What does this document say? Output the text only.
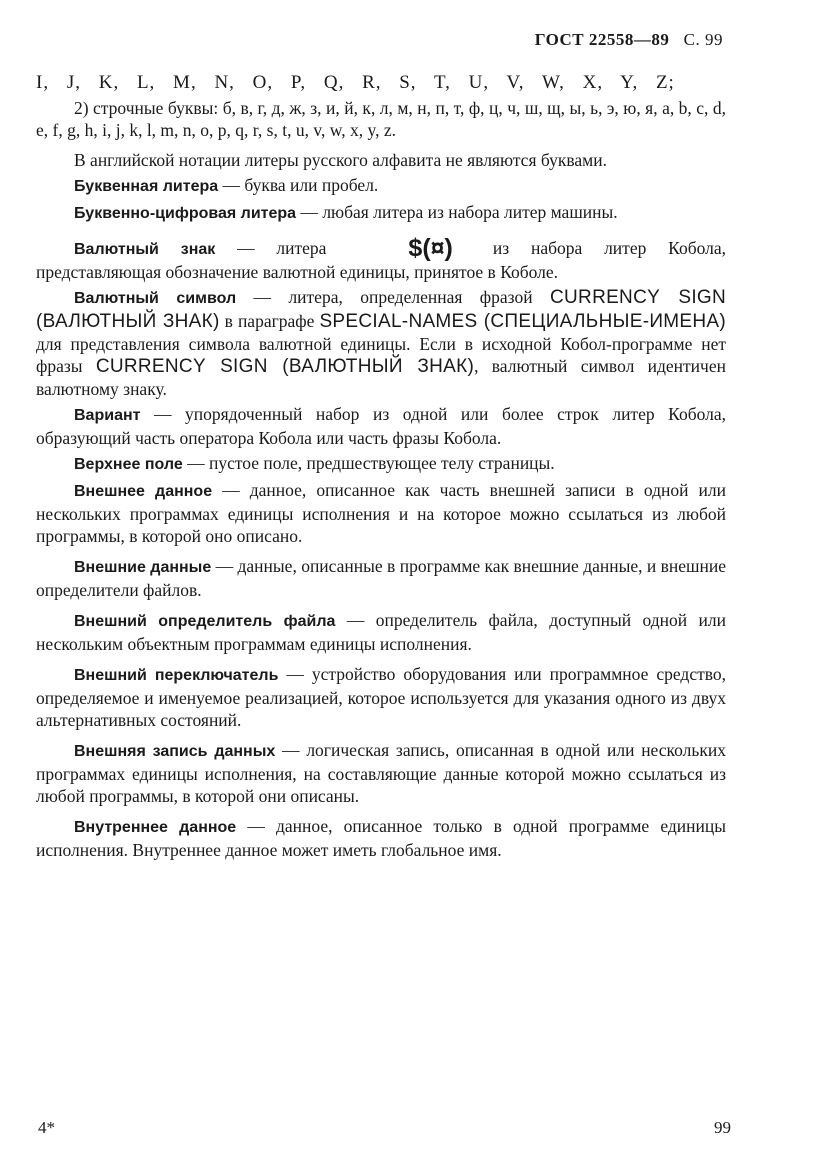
ГОСТ 22558—89 С. 99

I, J, K, L, M, N, O, P, Q, R, S, T, U, V, W, X, Y, Z;

2) строчные буквы: б, в, г, д, ж, з, и, й, к, л, м, н, п, т, ф, ц, ч, ш, щ, ы, ь, э, ю, я, a, b, c, d, e, f, g, h, i, j, k, l, m, n, o, p, q, r, s, t, u, v, w, x, y, z.

В английской нотации литеры русского алфавита не являются буквами.

Буквенная литера — буква или пробел.

Буквенно-цифровая литера — любая литера из набора литер машины.

Валютный знак — литера	$(¤) из набора литер Кобола, представляющая обозначение валютной единицы, принятое в Коболе.

Валютный символ — литера, определенная фразой CURRENCY SIGN (ВАЛЮТНЫЙ ЗНАК) в параграфе SPECIAL-NAMES (СПЕЦИАЛЬНЫЕ-ИМЕНА) для представления символа валютной единицы. Если в исходной Кобол-программе нет фразы CURRENCY SIGN (ВАЛЮТНЫЙ ЗНАК), валютный символ идентичен валютному знаку.

Вариант — упорядоченный набор из одной или более строк литер Кобола, образующий часть оператора Кобола или часть фразы Кобола.

Верхнее поле — пустое поле, предшествующее телу страницы.

Внешнее данное — данное, описанное как часть внешней записи в одной или нескольких программах единицы исполнения и на которое можно ссылаться из любой программы, в которой оно описано.

Внешние данные — данные, описанные в программе как внешние данные, и внешние определители файлов.

Внешний определитель файла — определитель файла, доступный одной или нескольким объектным программам единицы исполнения.

Внешний переключатель — устройство оборудования или программное средство, определяемое и именуемое реализацией, которое используется для указания одного из двух альтернативных состояний.

Внешняя запись данных — логическая запись, описанная в одной или нескольких программах единицы исполнения, на составляющие данные которой можно ссылаться из любой программы, в которой они описаны.

Внутреннее данное — данное, описанное только в одной программе единицы исполнения. Внутреннее данное может иметь глобальное имя.

4*	99
